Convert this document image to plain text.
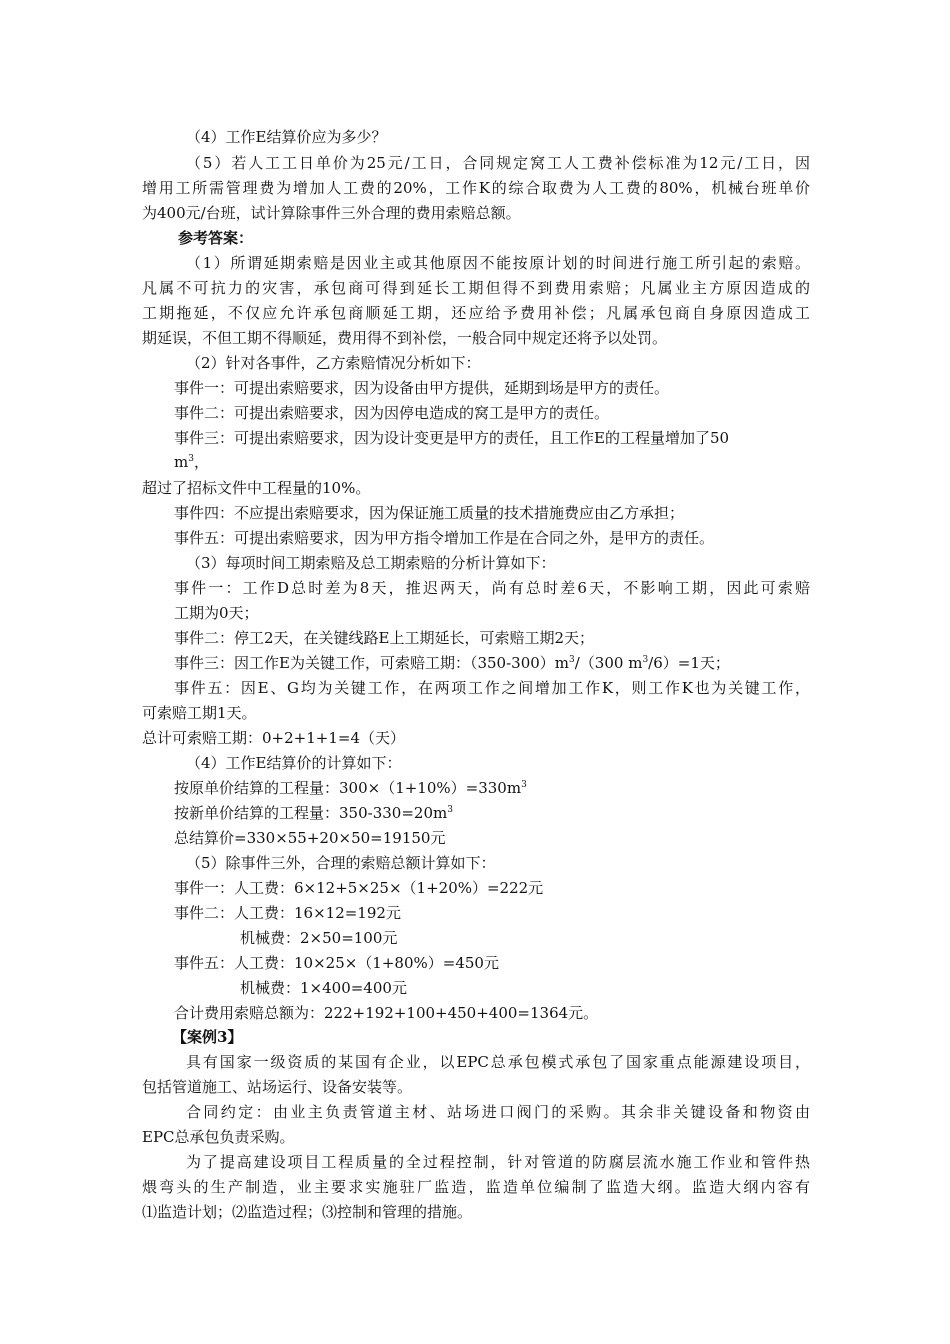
（4）工作E结算价应为多少？
（5）若人工工日单价为25元/工日，合同规定窝工人工费补偿标准为12元/工日，因
增用工所需管理费为增加人工费的20%，工作K的综合取费为人工费的80%，机械台班单价
为400元/台班，试计算除事件三外合理的费用索赔总额。
参考答案：
（1）所谓延期索赔是因业主或其他原因不能按原计划的时间进行施工所引起的索赔。
凡属不可抗力的灾害，承包商可得到延长工期但得不到费用索赔；凡属业主方原因造成的
工期拖延，不仅应允许承包商顺延工期，还应给予费用补偿；凡属承包商自身原因造成工
期延误，不但工期不得顺延，费用得不到补偿，一般合同中规定还将予以处罚。
（2）针对各事件，乙方索赔情况分析如下：
事件一：可提出索赔要求，因为设备由甲方提供，延期到场是甲方的责任。
事件二：可提出索赔要求，因为因停电造成的窝工是甲方的责任。
事件三：可提出索赔要求，因为设计变更是甲方的责任，且工作E的工程量增加了50
$m^3$，
超过了招标文件中工程量的10%。
事件四：不应提出索赔要求，因为保证施工质量的技术措施费应由乙方承担；
事件五：可提出索赔要求，因为甲方指令增加工作是在合同之外，是甲方的责任。
（3）每项时间工期索赔及总工期索赔的分析计算如下：
事件一：工作D总时差为8天，推迟两天，尚有总时差6天，不影响工期，因此可索赔
工期为0天；
事件二：停工2天，在关键线路E上工期延长，可索赔工期2天；
事件三：因工作E为关键工作，可索赔工期：$(350-300)m^3/(300$ $m^3/6)=1$天；
事件五：因E、G均为关键工作，在两项工作之间增加工作K，则工作K也为关键工作，
可索赔工期1天。
总计可索赔工期：0+2+1+1=4（天）
（4）工作E结算价的计算如下：
按原单价结算的工程量：$300\times(1+10\%)=330m^3$
按新单价结算的工程量：$350-330=20m^3$
总结算价=330×55+20×50=19150元
（5）除事件三外，合理的索赔总额计算如下：
事件一：人工费：6×12+5×25×（1+20%）=222元
事件二：人工费：16×12=192元
机械费：2×50=100元
事件五：人工费：10×25×（1+80%）=450元
机械费：1×400=400元
合计费用索赔总额为：222+192+100+450+400=1364元。
【案例3】
具有国家一级资质的某国有企业，以EPC总承包模式承包了国家重点能源建设项目，
包括管道施工、站场运行、设备安装等。
合同约定：由业主负责管道主材、站场进口阀门的采购。其余非关键设备和物资由
EPC总承包负责采购。
为了提高建设项目工程质量的全过程控制，针对管道的防腐层流水施工作业和管件热
煨弯头的生产制造，业主要求实施驻厂监造，监造单位编制了监造大纲。监造大纲内容有
⑴监造计划；⑵监造过程；⑶控制和管理的措施。
